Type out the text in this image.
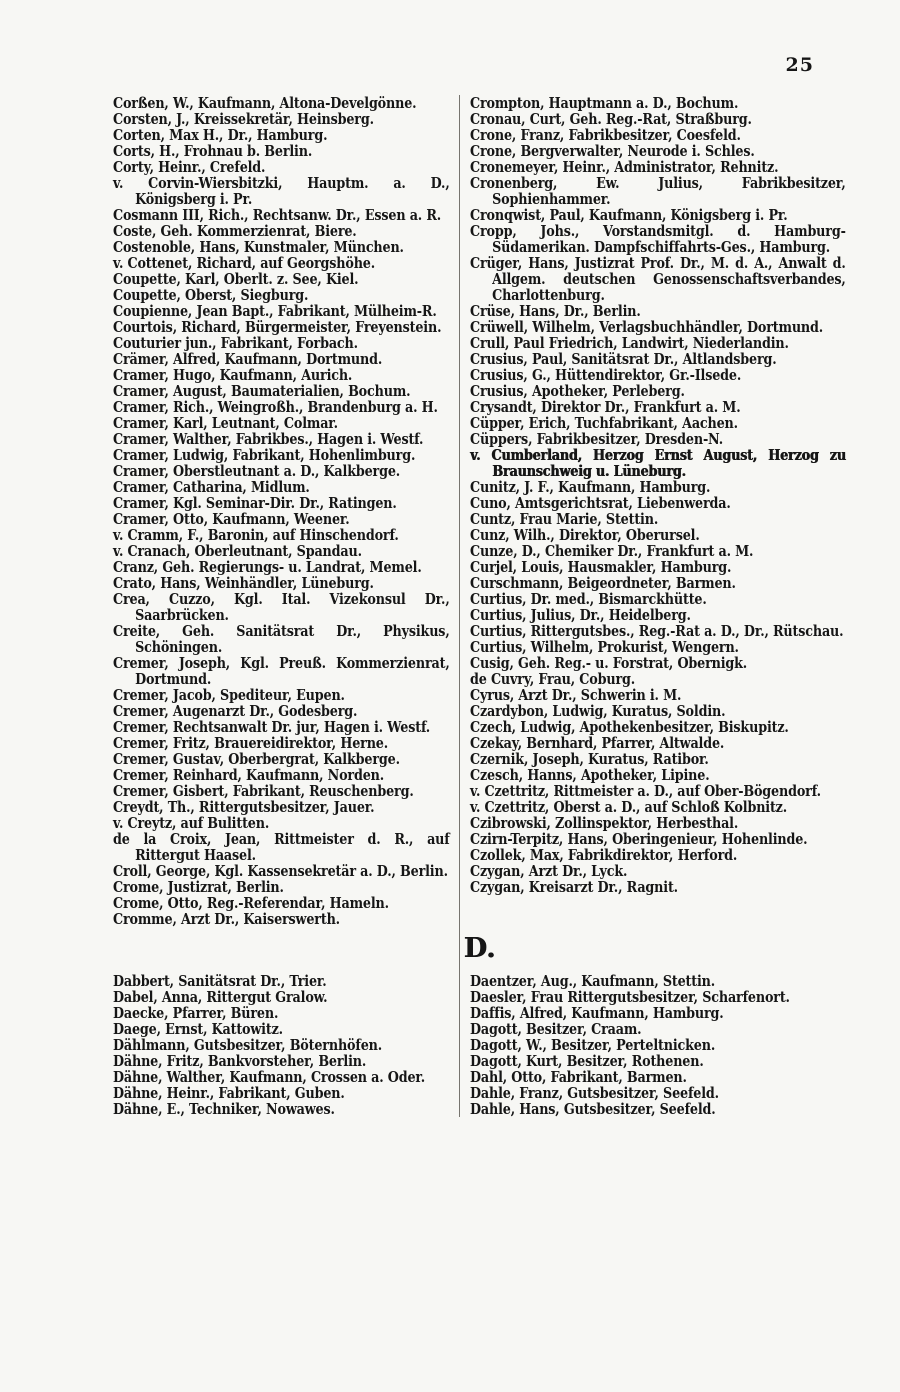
25
Corßen, W., Kaufmann, Altona-Develgönne.
Corsten, J., Kreissekretär, Heinsberg.
Corten, Max H., Dr., Hamburg.
Corts, H., Frohnau b. Berlin.
Corty, Heinr., Crefeld.
v. Corvin-Wiersbitzki, Hauptm. a. D., Königsberg i. Pr.
Cosmann III, Rich., Rechtsanw. Dr., Essen a. R.
Coste, Geh. Kommerzienrat, Biere.
Costenoble, Hans, Kunstmaler, München.
v. Cottenet, Richard, auf Georgshöhe.
Coupette, Karl, Oberlt. z. See, Kiel.
Coupette, Oberst, Siegburg.
Coupienne, Jean Bapt., Fabrikant, Mülheim-R.
Courtois, Richard, Bürgermeister, Freyenstein.
Couturier jun., Fabrikant, Forbach.
Crämer, Alfred, Kaufmann, Dortmund.
Cramer, Hugo, Kaufmann, Aurich.
Cramer, August, Baumaterialien, Bochum.
Cramer, Rich., Weingroßh., Brandenburg a. H.
Cramer, Karl, Leutnant, Colmar.
Cramer, Walther, Fabrikbes., Hagen i. Westf.
Cramer, Ludwig, Fabrikant, Hohenlimburg.
Cramer, Oberstleutnant a. D., Kalkberge.
Cramer, Catharina, Midlum.
Cramer, Kgl. Seminar-Dir. Dr., Ratingen.
Cramer, Otto, Kaufmann, Weener.
v. Cramm, F., Baronin, auf Hinschendorf.
v. Cranach, Oberleutnant, Spandau.
Cranz, Geh. Regierungs- u. Landrat, Memel.
Crato, Hans, Weinhändler, Lüneburg.
Crea, Cuzzo, Kgl. Ital. Vizekonsul Dr., Saarbrücken.
Creite, Geh. Sanitätsrat Dr., Physikus, Schöningen.
Cremer, Joseph, Kgl. Preuß. Kommerzienrat, Dortmund.
Cremer, Jacob, Spediteur, Eupen.
Cremer, Augenarzt Dr., Godesberg.
Cremer, Rechtsanwalt Dr. jur, Hagen i. Westf.
Cremer, Fritz, Brauereidirektor, Herne.
Cremer, Gustav, Oberbergrat, Kalkberge.
Cremer, Reinhard, Kaufmann, Norden.
Cremer, Gisbert, Fabrikant, Reuschenberg.
Creydt, Th., Rittergutsbesitzer, Jauer.
v. Creytz, auf Bulitten.
de la Croix, Jean, Rittmeister d. R., auf Rittergut Haasel.
Croll, George, Kgl. Kassensekretär a. D., Berlin.
Crome, Justizrat, Berlin.
Crome, Otto, Reg.-Referendar, Hameln.
Cromme, Arzt Dr., Kaiserswerth.
Crompton, Hauptmann a. D., Bochum.
Cronau, Curt, Geh. Reg.-Rat, Straßburg.
Crone, Franz, Fabrikbesitzer, Coesfeld.
Crone, Bergverwalter, Neurode i. Schles.
Cronemeyer, Heinr., Administrator, Rehnitz.
Cronenberg, Ew. Julius, Fabrikbesitzer, Sophienhammer.
Cronqwist, Paul, Kaufmann, Königsberg i. Pr.
Cropp, Johs., Vorstandsmitgl. d. Hamburg-Südamerikan. Dampfschiffahrts-Ges., Hamburg.
Crüger, Hans, Justizrat Prof. Dr., M. d. A., Anwalt d. Allgem. deutschen Genossenschaftsverbandes, Charlottenburg.
Crüse, Hans, Dr., Berlin.
Crüwell, Wilhelm, Verlagsbuchhändler, Dortmund.
Crull, Paul Friedrich, Landwirt, Niederlandin.
Crusius, Paul, Sanitätsrat Dr., Altlandsberg.
Crusius, G., Hüttendirektor, Gr.-Ilsede.
Crusius, Apotheker, Perleberg.
Crysandt, Direktor Dr., Frankfurt a. M.
Cüpper, Erich, Tuchfabrikant, Aachen.
Cüppers, Fabrikbesitzer, Dresden-N.
v. Cumberland, Herzog Ernst August, Herzog zu Braunschweig u. Lüneburg.
Cunitz, J. F., Kaufmann, Hamburg.
Cuno, Amtsgerichtsrat, Liebenwerda.
Cuntz, Frau Marie, Stettin.
Cunz, Wilh., Direktor, Oberursel.
Cunze, D., Chemiker Dr., Frankfurt a. M.
Curjel, Louis, Hausmakler, Hamburg.
Curschmann, Beigeordneter, Barmen.
Curtius, Dr. med., Bismarckhütte.
Curtius, Julius, Dr., Heidelberg.
Curtius, Rittergutsbes., Reg.-Rat a. D., Dr., Rütschau.
Curtius, Wilhelm, Prokurist, Wengern.
Cusig, Geh. Reg.- u. Forstrat, Obernigk.
de Cuvry, Frau, Coburg.
Cyrus, Arzt Dr., Schwerin i. M.
Czardybon, Ludwig, Kuratus, Soldin.
Czech, Ludwig, Apothekenbesitzer, Biskupitz.
Czekay, Bernhard, Pfarrer, Altwalde.
Czernik, Joseph, Kuratus, Ratibor.
Czesch, Hanns, Apotheker, Lipine.
v. Czettritz, Rittmeister a. D., auf Ober-Bögendorf.
v. Czettritz, Oberst a. D., auf Schloß Kolbnitz.
Czibrowski, Zollinspektor, Herbesthal.
Czirn-Terpitz, Hans, Oberingenieur, Hohenlinde.
Czollek, Max, Fabrikdirektor, Herford.
Czygan, Arzt Dr., Lyck.
Czygan, Kreisarzt Dr., Ragnit.
D.
Dabbert, Sanitätsrat Dr., Trier.
Dabel, Anna, Rittergut Gralow.
Daecke, Pfarrer, Büren.
Daege, Ernst, Kattowitz.
Dählmann, Gutsbesitzer, Böternhöfen.
Dähne, Fritz, Bankvorsteher, Berlin.
Dähne, Walther, Kaufmann, Crossen a. Oder.
Dähne, Heinr., Fabrikant, Guben.
Dähne, E., Techniker, Nowawes.
Daentzer, Aug., Kaufmann, Stettin.
Daesler, Frau Rittergutsbesitzer, Scharfenort.
Daffis, Alfred, Kaufmann, Hamburg.
Dagott, Besitzer, Craam.
Dagott, W., Besitzer, Perteltnicken.
Dagott, Kurt, Besitzer, Rothenen.
Dahl, Otto, Fabrikant, Barmen.
Dahle, Franz, Gutsbesitzer, Seefeld.
Dahle, Hans, Gutsbesitzer, Seefeld.
